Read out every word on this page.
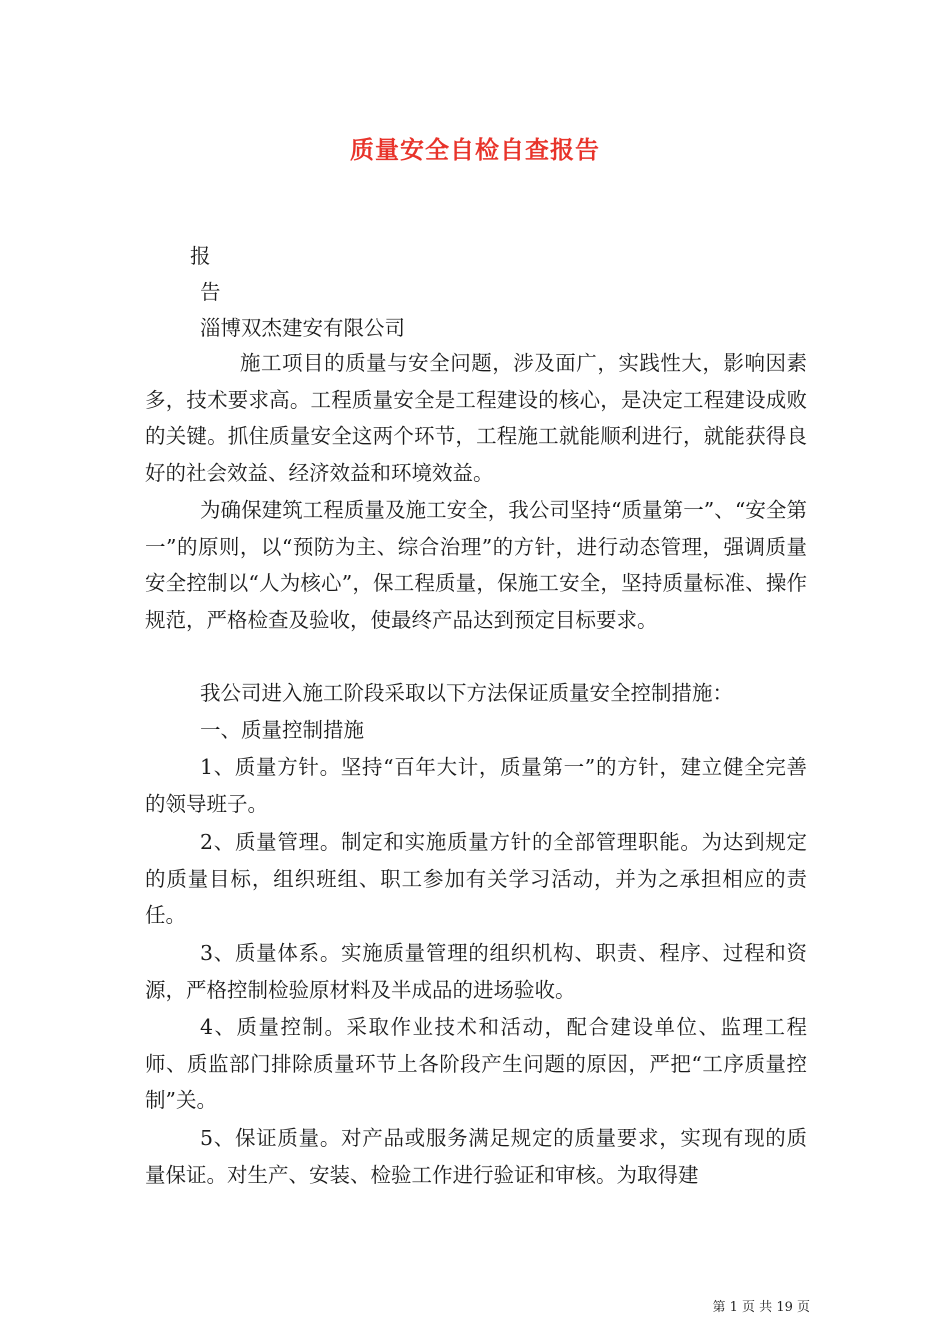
质量安全自检自查报告
报
告
淄博双杰建安有限公司

施工项目的质量与安全问题，涉及面广，实践性大，影响因素多，技术要求高。工程质量安全是工程建设的核心，是决定工程建设成败的关键。抓住质量安全这两个环节，工程施工就能顺利进行，就能获得良好的社会效益、经济效益和环境效益。

为确保建筑工程质量及施工安全，我公司坚持“质量第一”、“安全第一”的原则，以“预防为主、综合治理”的方针，进行动态管理，强调质量安全控制以“人为核心”，保工程质量，保施工安全，坚持质量标准、操作规范，严格检查及验收，使最终产品达到预定目标要求。

我公司进入施工阶段采取以下方法保证质量安全控制措施：

一、质量控制措施

1、质量方针。坚持“百年大计，质量第一”的方针，建立健全完善的领导班子。

2、质量管理。制定和实施质量方针的全部管理职能。为达到规定的质量目标，组织班组、职工参加有关学习活动，并为之承担相应的责任。

3、质量体系。实施质量管理的组织机构、职责、程序、过程和资源，严格控制检验原材料及半成品的进场验收。

4、质量控制。采取作业技术和活动，配合建设单位、监理工程师、质监部门排除质量环节上各阶段产生问题的原因，严把“工序质量控制”关。

5、保证质量。对产品或服务满足规定的质量要求，实现有现的质量保证。对生产、安装、检验工作进行验证和审核。为取得建

第 1 页 共 19 页
